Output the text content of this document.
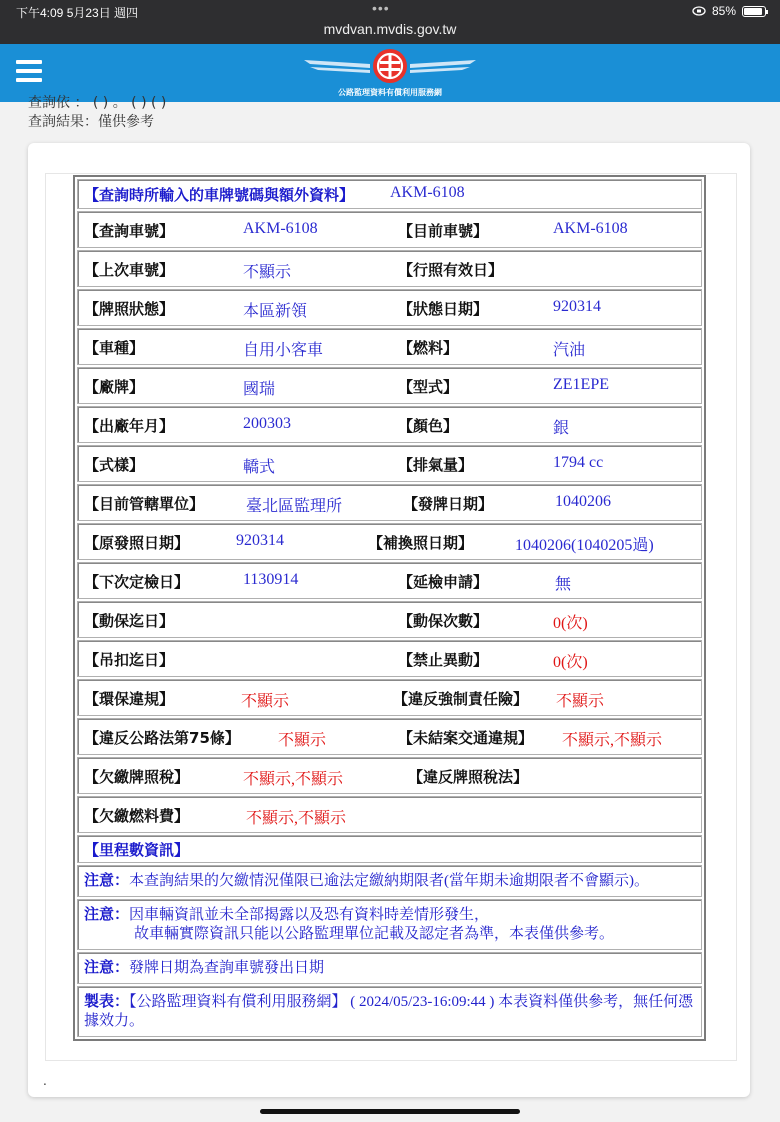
下午4:09 5月23日 週四	•••
mvdvan.mvdis.gov.tw
85%
公路監理資料有償利用服務網
查詢依 ： ( ) 。 ( ) ( )
查詢結果：僅供參考
【查詢時所輸入的車牌號碼與額外資料】 AKM-6108
【查詢車號】	AKM-6108	【目前車號】	AKM-6108
【上次車號】	不顯示	【行照有效日】
【牌照狀態】	本區新領	【狀態日期】	920314
【車種】	自用小客車	【燃料】	汽油
【廠牌】	國瑞	【型式】	ZE1EPE
【出廠年月】	200303	【顏色】	銀
【式樣】	轎式	【排氣量】	1794 cc
【目前管轄單位】	臺北區監理所	【發牌日期】	1040206
【原發照日期】	920314	【補換照日期】	1040206(1040205過)
【下次定檢日】	1130914	【延檢申請】	無
【動保迄日】	【動保次數】	0(次)
【吊扣迄日】	【禁止異動】	0(次)
【環保違規】	不顯示	【違反強制責任險】 不顯示
【違反公路法第75條】 不顯示	【未結案交通違規】 不顯示,不顯示
【欠繳牌照稅】	不顯示,不顯示	【違反牌照稅法】
【欠繳燃料費】	不顯示,不顯示
【里程數資訊】
注意：本查詢結果的欠繳情況僅限已逾法定繳納期限者(當年期未逾期限者不會顯示)。
注意：因車輛資訊並未全部揭露以及恐有資料時差情形發生，
故車輛實際資訊只能以公路監理單位記載及認定者為準，本表僅供參考。
注意：發牌日期為查詢車號發出日期
製表：【公路監理資料有償利用服務網】 ( 2024/05/23-16:09:44 ) 本表資料僅供參考，無任何憑據效力。
.
